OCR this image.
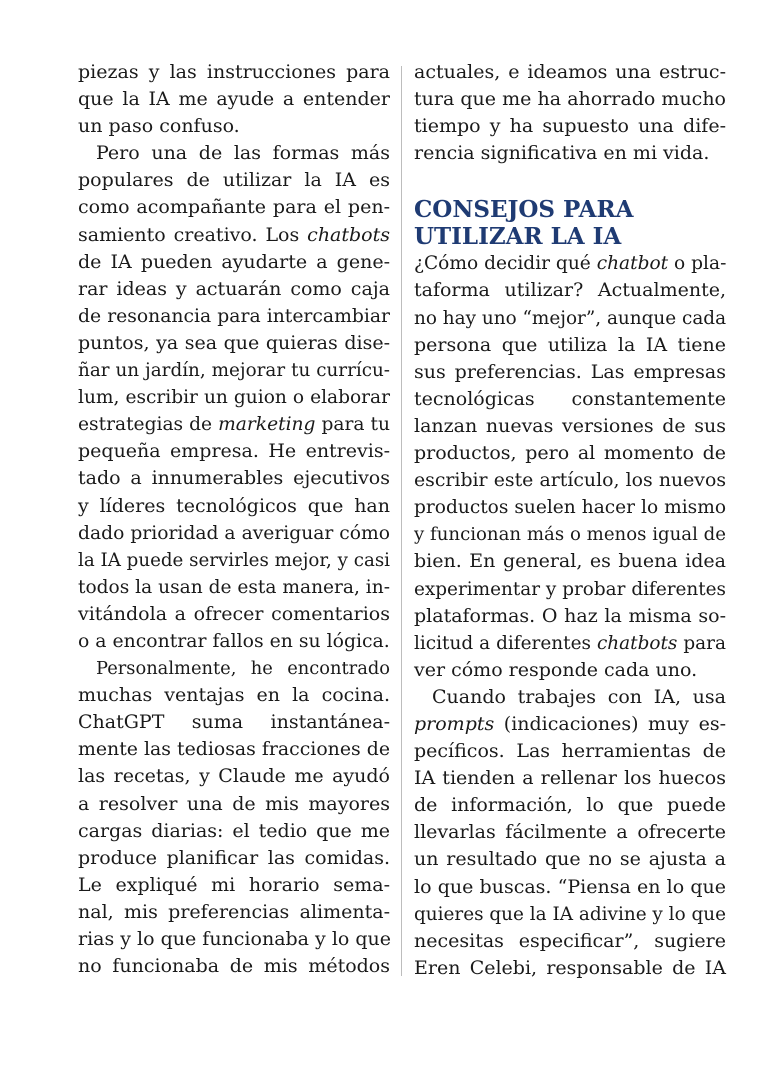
piezas y las instrucciones para
que la IA me ayude a entender
un paso confuso.
Pero una de las formas más
populares de utilizar la IA es
como acompañante para el pen-
samiento creativo. Los chatbots
de IA pueden ayudarte a gene-
rar ideas y actuarán como caja
de resonancia para intercambiar
puntos, ya sea que quieras dise-
ñar un jardín, mejorar tu currícu-
lum, escribir un guion o elaborar
estrategias de marketing para tu
pequeña empresa. He entrevis-
tado a innumerables ejecutivos
y líderes tecnológicos que han
dado prioridad a averiguar cómo
la IA puede servirles mejor, y casi
todos la usan de esta manera, in-
vitándola a ofrecer comentarios
o a encontrar fallos en su lógica.
Personalmente, he encontrado
muchas ventajas en la cocina.
ChatGPT suma instantánea-
mente las tediosas fracciones de
las recetas, y Claude me ayudó
a resolver una de mis mayores
cargas diarias: el tedio que me
produce planificar las comidas.
Le expliqué mi horario sema-
nal, mis preferencias alimenta-
rias y lo que funcionaba y lo que
no funcionaba de mis métodos
actuales, e ideamos una estruc-
tura que me ha ahorrado mucho
tiempo y ha supuesto una dife-
rencia significativa en mi vida.
CONSEJOS PARA
UTILIZAR LA IA
¿Cómo decidir qué chatbot o pla-
taforma utilizar? Actualmente,
no hay uno “mejor”, aunque cada
persona que utiliza la IA tiene
sus preferencias. Las empresas
tecnológicas constantemente
lanzan nuevas versiones de sus
productos, pero al momento de
escribir este artículo, los nuevos
productos suelen hacer lo mismo
y funcionan más o menos igual de
bien. En general, es buena idea
experimentar y probar diferentes
plataformas. O haz la misma so-
licitud a diferentes chatbots para
ver cómo responde cada uno.
Cuando trabajes con IA, usa
prompts (indicaciones) muy es-
pecíficos. Las herramientas de
IA tienden a rellenar los huecos
de información, lo que puede
llevarlas fácilmente a ofrecerte
un resultado que no se ajusta a
lo que buscas. “Piensa en lo que
quieres que la IA adivine y lo que
necesitas especificar”, sugiere
Eren Celebi, responsable de IA
